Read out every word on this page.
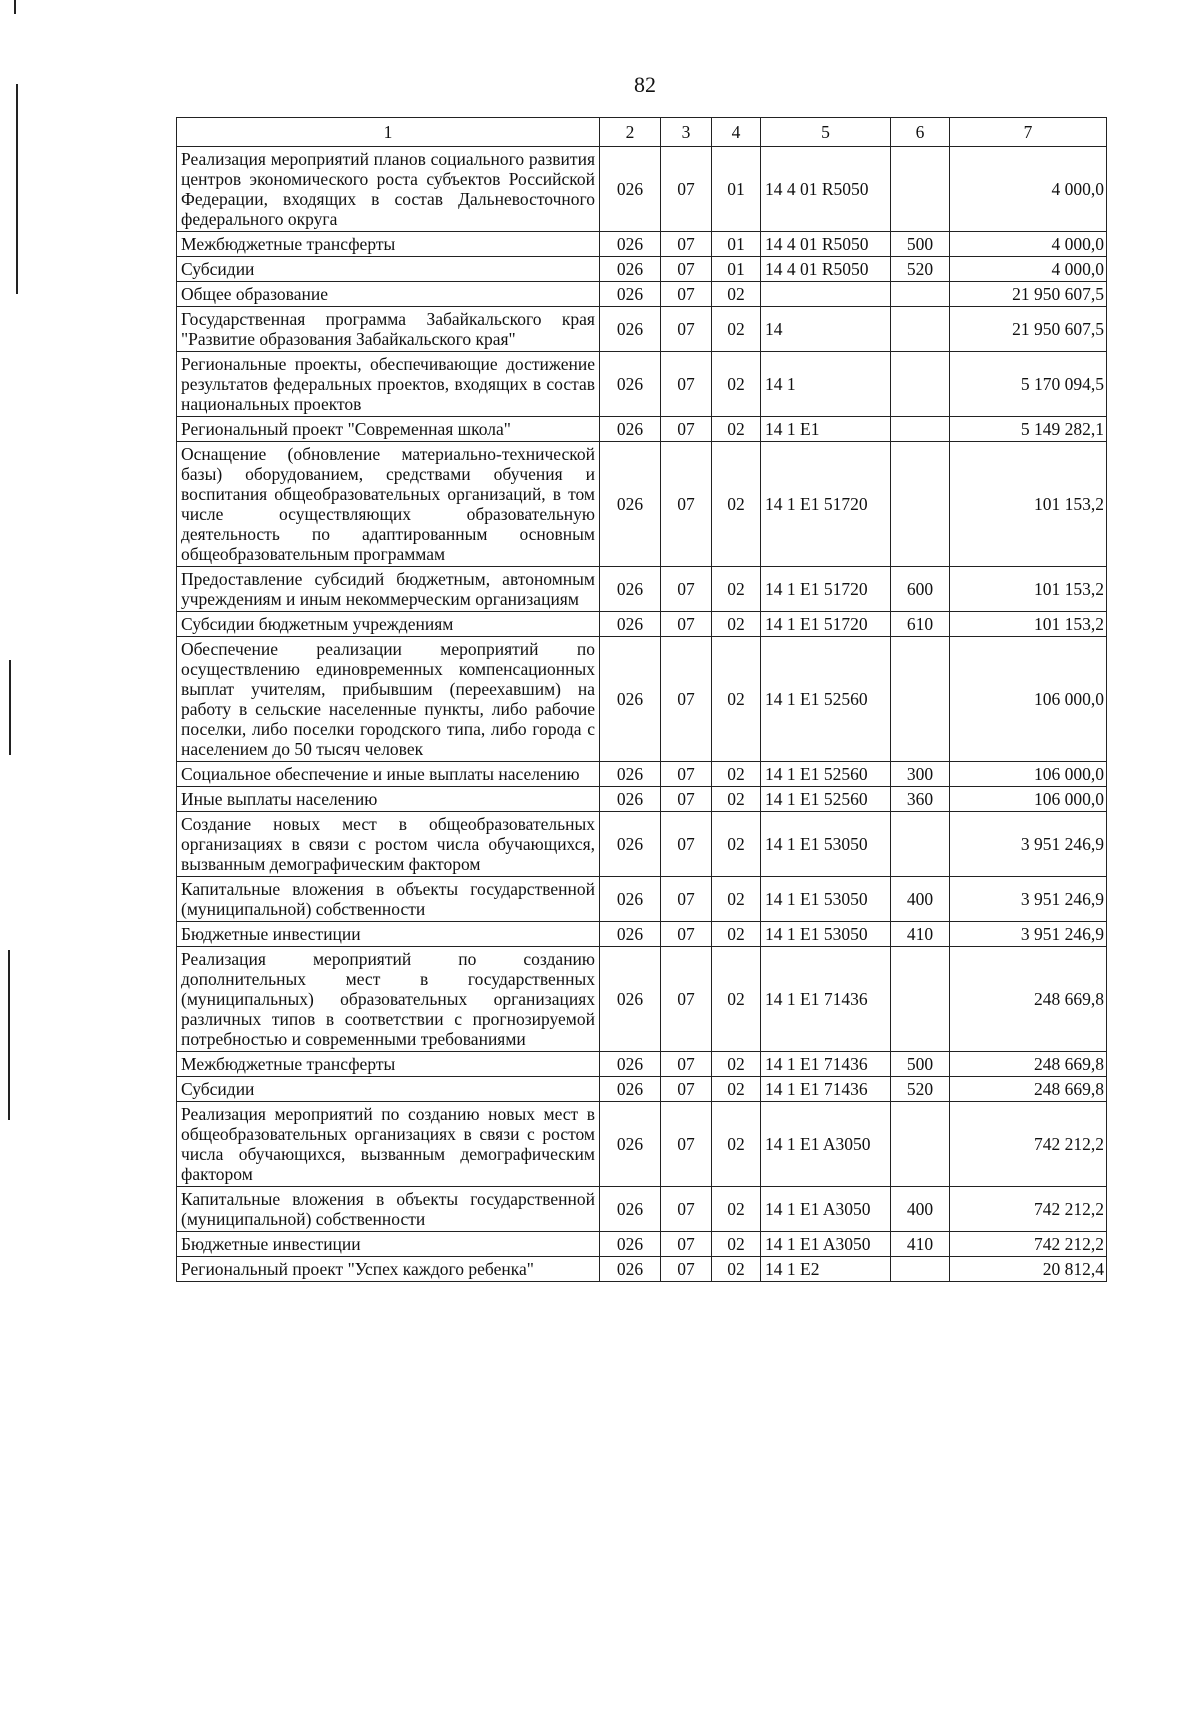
82
1	2	3	4	5	6	7
Реализация мероприятий планов социального развития центров экономического роста субъектов Российской Федерации, входящих в состав Дальневосточного федерального округа	026	07	01	14 4 01 R5050		4 000,0
Межбюджетные трансферты	026	07	01	14 4 01 R5050	500	4 000,0
Субсидии	026	07	01	14 4 01 R5050	520	4 000,0
Общее образование	026	07	02			21 950 607,5
Государственная программа Забайкальского края "Развитие образования Забайкальского края"	026	07	02	14		21 950 607,5
Региональные проекты, обеспечивающие достижение результатов федеральных проектов, входящих в состав национальных проектов	026	07	02	14 1		5 170 094,5
Региональный проект "Современная школа"	026	07	02	14 1 E1		5 149 282,1
Оснащение (обновление материально-технической базы) оборудованием, средствами обучения и воспитания общеобразовательных организаций, в том числе осуществляющих образовательную деятельность по адаптированным основным общеобразовательным программам	026	07	02	14 1 E1 51720		101 153,2
Предоставление субсидий бюджетным, автономным учреждениям и иным некоммерческим организациям	026	07	02	14 1 E1 51720	600	101 153,2
Субсидии бюджетным учреждениям	026	07	02	14 1 E1 51720	610	101 153,2
Обеспечение реализации мероприятий по осуществлению единовременных компенсационных выплат учителям, прибывшим (переехавшим) на работу в сельские населенные пункты, либо рабочие поселки, либо поселки городского типа, либо города с населением до 50 тысяч человек	026	07	02	14 1 E1 52560		106 000,0
Социальное обеспечение и иные выплаты населению	026	07	02	14 1 E1 52560	300	106 000,0
Иные выплаты населению	026	07	02	14 1 E1 52560	360	106 000,0
Создание новых мест в общеобразовательных организациях в связи с ростом числа обучающихся, вызванным демографическим фактором	026	07	02	14 1 E1 53050		3 951 246,9
Капитальные вложения в объекты государственной (муниципальной) собственности	026	07	02	14 1 E1 53050	400	3 951 246,9
Бюджетные инвестиции	026	07	02	14 1 E1 53050	410	3 951 246,9
Реализация мероприятий по созданию дополнительных мест в государственных (муниципальных) образовательных организациях различных типов в соответствии с прогнозируемой потребностью и современными требованиями	026	07	02	14 1 E1 71436		248 669,8
Межбюджетные трансферты	026	07	02	14 1 E1 71436	500	248 669,8
Субсидии	026	07	02	14 1 E1 71436	520	248 669,8
Реализация мероприятий по созданию новых мест в общеобразовательных организациях в связи с ростом числа обучающихся, вызванным демографическим фактором	026	07	02	14 1 E1 A3050		742 212,2
Капитальные вложения в объекты государственной (муниципальной) собственности	026	07	02	14 1 E1 A3050	400	742 212,2
Бюджетные инвестиции	026	07	02	14 1 E1 A3050	410	742 212,2
Региональный проект "Успех каждого ребенка"	026	07	02	14 1 E2		20 812,4
